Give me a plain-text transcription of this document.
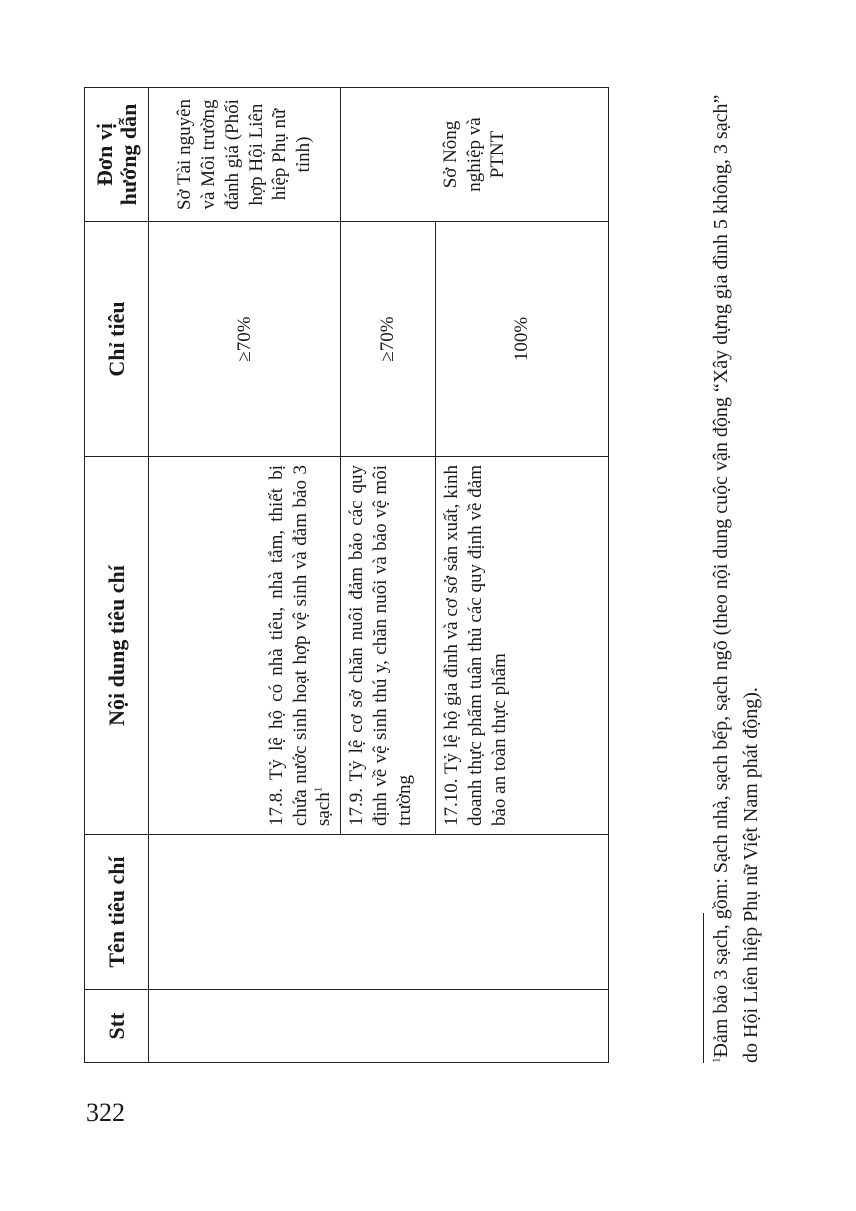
322
Stt	Tên tiêu chí	Nội dung tiêu chí	Chỉ tiêu	Đơn vị hướng dẫn
		17.8. Tỷ lệ hộ có nhà tiêu, nhà tắm, thiết bị chứa nước sinh hoạt hợp vệ sinh và đảm bảo 3 sạch$^1$	≥70%	Sở Tài nguyên và Môi trường đánh giá (Phối hợp Hội Liên hiệp Phụ nữ tỉnh)
		17.9. Tỷ lệ cơ sở chăn nuôi đảm bảo các quy định về vệ sinh thú y, chăn nuôi và bảo vệ môi trường	≥70%	Sở Nông nghiệp và PTNT
		17.10. Tỷ lệ hộ gia đình và cơ sở sản xuất, kinh doanh thực phẩm tuân thủ các quy định về đảm bảo an toàn thực phẩm	100%	
$^1$Đảm bảo 3 sạch, gồm: Sạch nhà, sạch bếp, sạch ngõ (theo nội dung cuộc vận động “Xây dựng gia đình 5 không, 3 sạch” do Hội Liên hiệp Phụ nữ Việt Nam phát động).
